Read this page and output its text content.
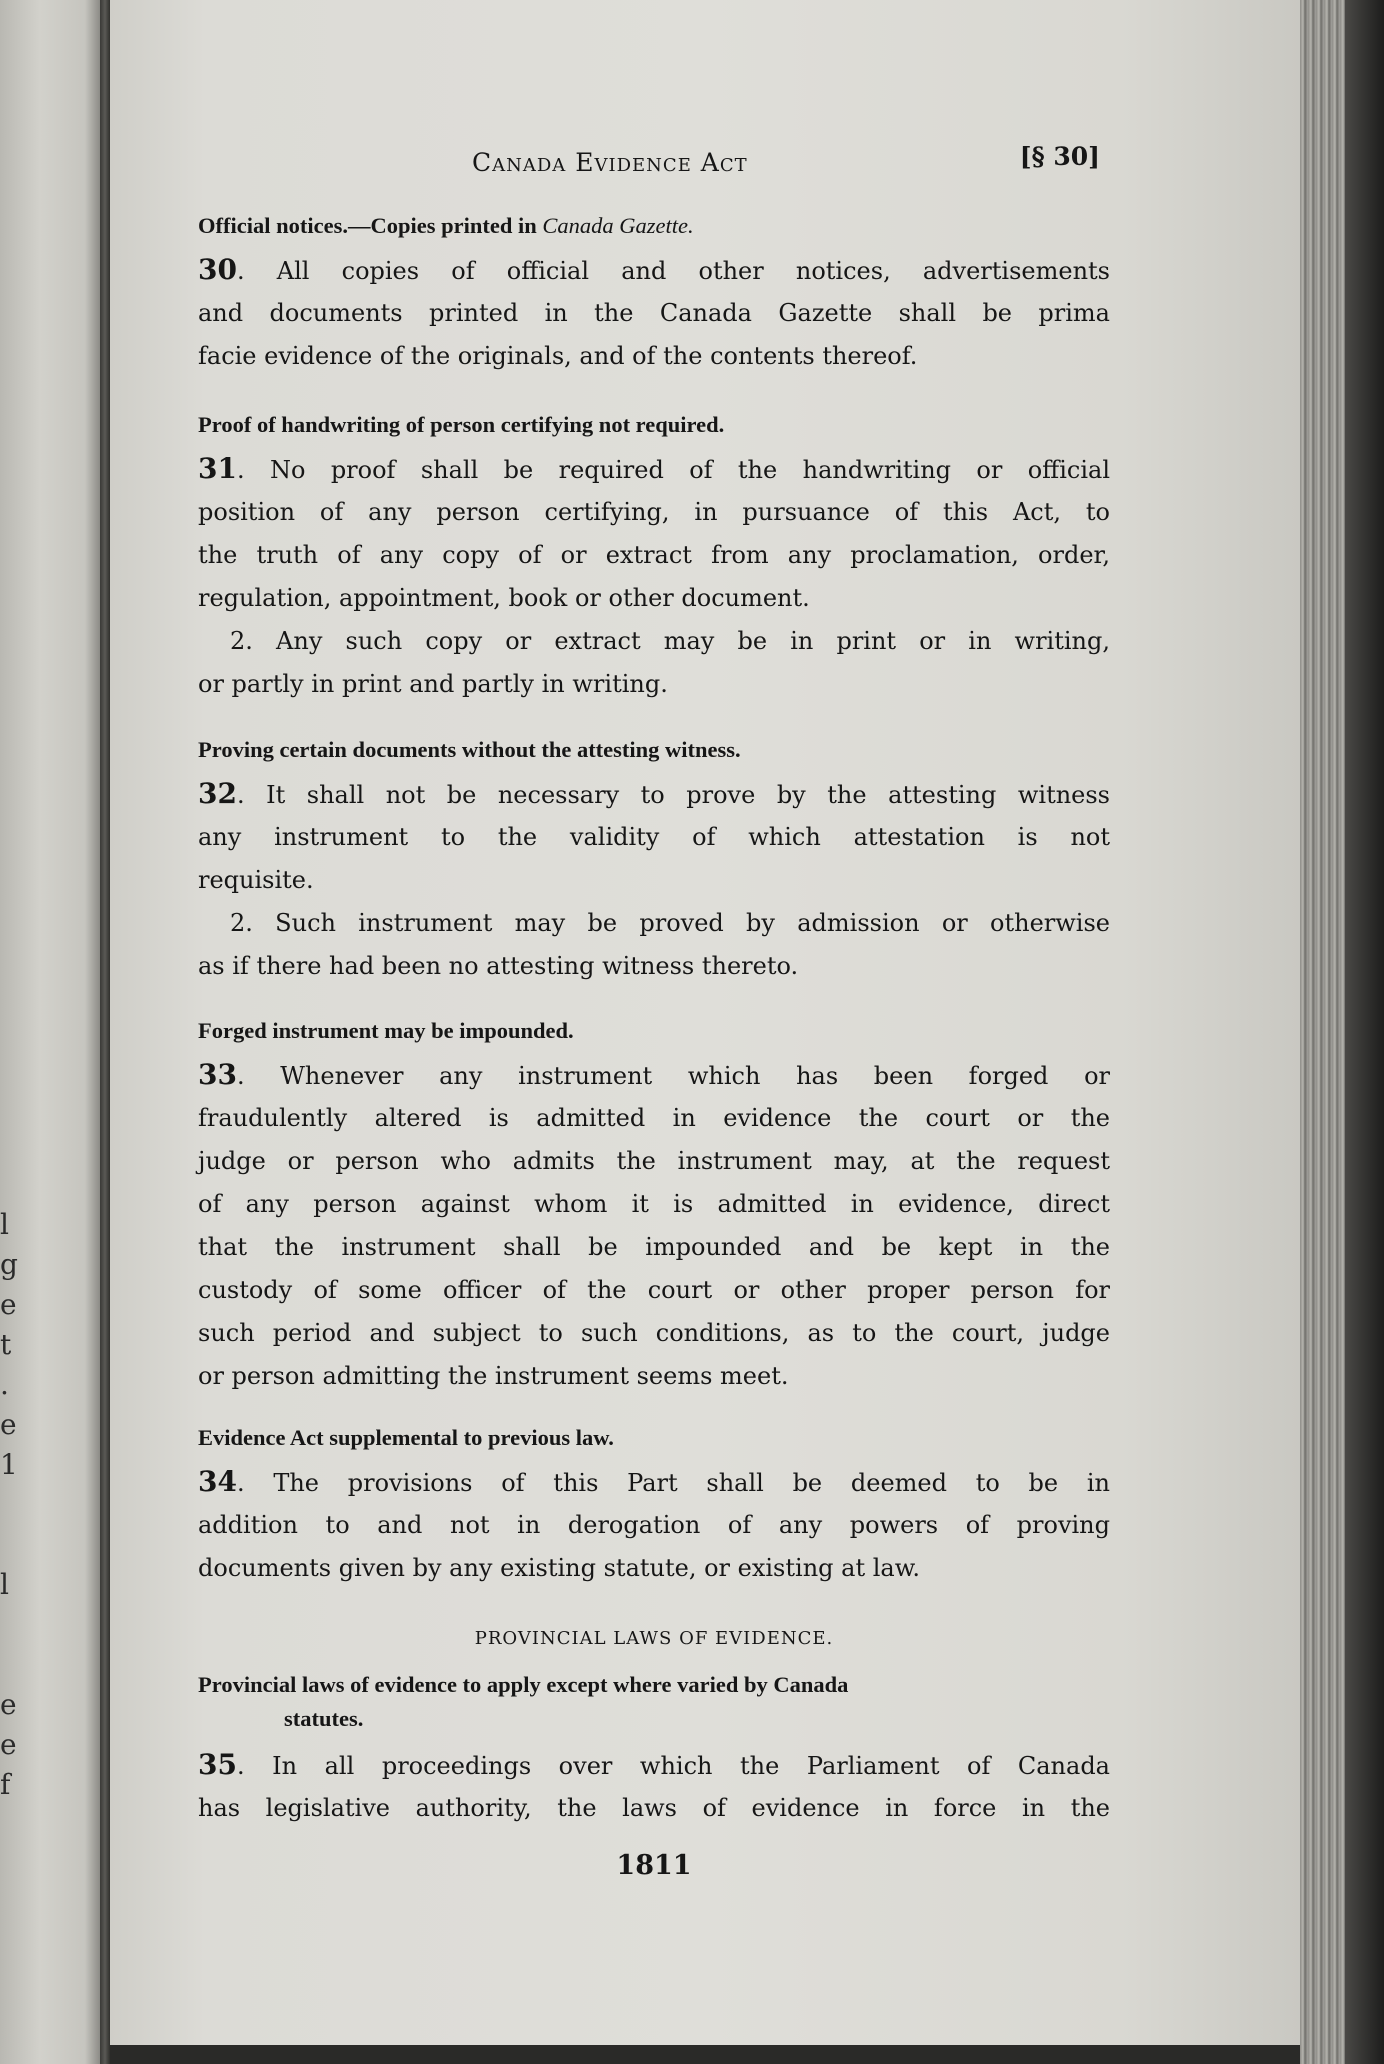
l
g
e
t
.
e
1
l
e
e
f
Canada Evidence Act	[§ 30]
Official notices.—Copies printed in Canada Gazette.
30. All copies of official and other notices, advertisements
and documents printed in the Canada Gazette shall be prima
facie evidence of the originals, and of the contents thereof.
Proof of handwriting of person certifying not required.
31. No proof shall be required of the handwriting or official
position of any person certifying, in pursuance of this Act, to
the truth of any copy of or extract from any proclamation, order,
regulation, appointment, book or other document.
2. Any such copy or extract may be in print or in writing,
or partly in print and partly in writing.
Proving certain documents without the attesting witness.
32. It shall not be necessary to prove by the attesting witness
any instrument to the validity of which attestation is not
requisite.
2. Such instrument may be proved by admission or otherwise
as if there had been no attesting witness thereto.
Forged instrument may be impounded.
33. Whenever any instrument which has been forged or
fraudulently altered is admitted in evidence the court or the
judge or person who admits the instrument may, at the request
of any person against whom it is admitted in evidence, direct
that the instrument shall be impounded and be kept in the
custody of some officer of the court or other proper person for
such period and subject to such conditions, as to the court, judge
or person admitting the instrument seems meet.
Evidence Act supplemental to previous law.
34. The provisions of this Part shall be deemed to be in
addition to and not in derogation of any powers of proving
documents given by any existing statute, or existing at law.
PROVINCIAL LAWS OF EVIDENCE.
Provincial laws of evidence to apply except where varied by Canada
statutes.
35. In all proceedings over which the Parliament of Canada
has legislative authority, the laws of evidence in force in the
1811
